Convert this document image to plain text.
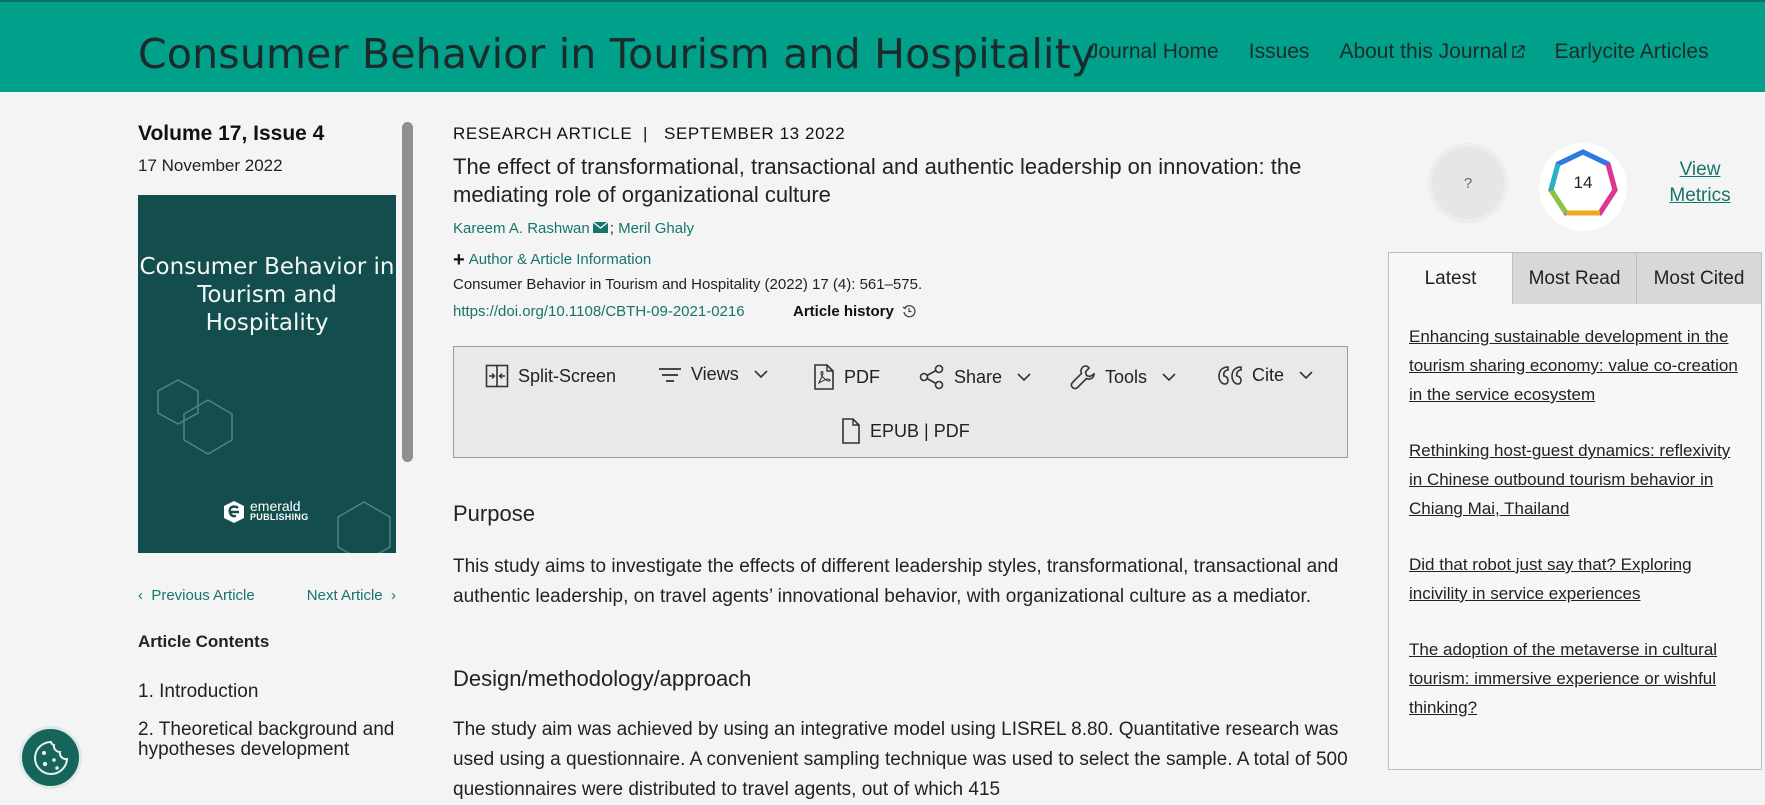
Consumer Behavior in Tourism and Hospitality
Journal Home Issues About this Journal	Earlycite Articles
Volume 17, Issue 4
17 November 2022
Consumer Behavior in Tourism and Hospitality
emerald
PUBLISHING
‹  Previous Article	Next Article  ›
Article Contents
1. Introduction
2. Theoretical background and hypotheses development
RESEARCH ARTICLE | SEPTEMBER 13 2022
The effect of transformational, transactional and authentic leadership on innovation: the mediating role of organizational culture
Kareem A. Rashwan ; Meril Ghaly
+ Author & Article Information
Consumer Behavior in Tourism and Hospitality (2022) 17 (4): 561–575.
https://doi.org/10.1108/CBTH-09-2021-0216	Article history
Split-Screen	Views	PDF	Share	Tools	Cite
EPUB | PDF
Purpose
This study aims to investigate the effects of different leadership styles, transformational, transactional and authentic leadership, on travel agents’ innovational behavior, with organizational culture as a mediator.
Design/methodology/approach
The study aim was achieved by using an integrative model using LISREL 8.80. Quantitative research was used using a questionnaire. A convenient sampling technique was used to select the sample. A total of 500 questionnaires were distributed to travel agents, out of which 415
?	14
View Metrics
Latest	Most Read	Most Cited
Enhancing sustainable development in the tourism sharing economy: value co-creation in the service ecosystem
Rethinking host-guest dynamics: reflexivity in Chinese outbound tourism behavior in Chiang Mai, Thailand
Did that robot just say that? Exploring incivility in service experiences
The adoption of the metaverse in cultural tourism: immersive experience or wishful thinking?
